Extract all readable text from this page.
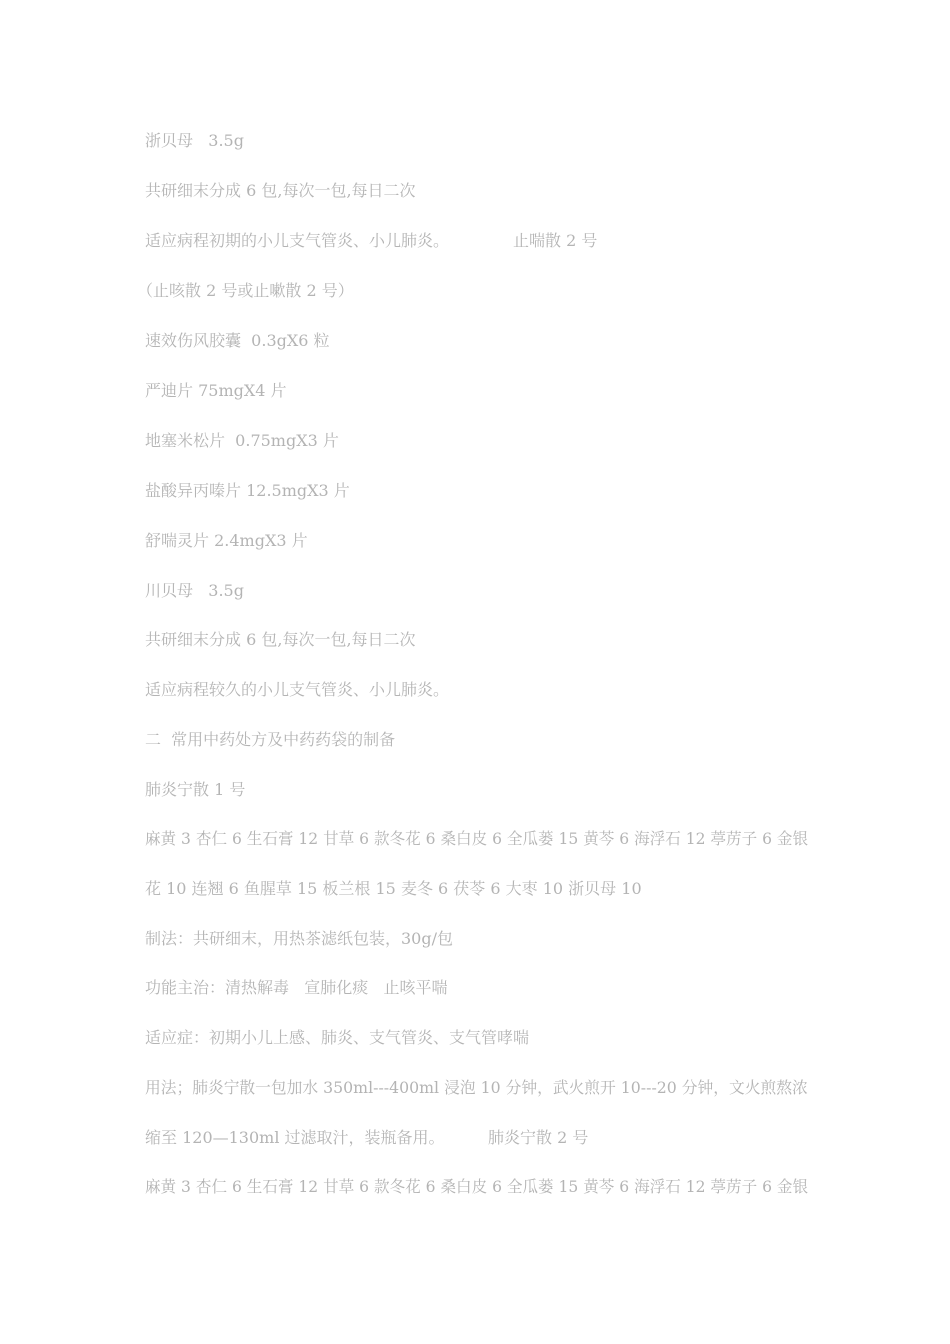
浙贝母   3.5g
共研细末分成 6 包,每次一包,每日二次
适应病程初期的小儿支气管炎、小儿肺炎。	止喘散 2 号
（止咳散 2 号或止嗽散 2 号）
速效伤风胶囊  0.3gX6 粒
严迪片 75mgX4 片
地塞米松片  0.75mgX3 片
盐酸异丙嗪片 12.5mgX3 片
舒喘灵片 2.4mgX3 片
川贝母   3.5g
共研细末分成 6 包,每次一包,每日二次
适应病程较久的小儿支气管炎、小儿肺炎。
二  常用中药处方及中药药袋的制备
肺炎宁散 1 号
麻黄 3 杏仁 6 生石膏 12 甘草 6 款冬花 6 桑白皮 6 全瓜蒌 15 黄芩 6 海浮石 12 葶苈子 6 金银
花 10 连翘 6 鱼腥草 15 板兰根 15 麦冬 6 茯苓 6 大枣 10 浙贝母 10
制法：共研细末，用热茶滤纸包装，30g/包
功能主治：清热解毒   宣肺化痰   止咳平喘
适应症：初期小儿上感、肺炎、支气管炎、支气管哮喘
用法；肺炎宁散一包加水 350ml---400ml 浸泡 10 分钟，武火煎开 10---20 分钟，文火煎熬浓
缩至 120—130ml 过滤取汁，装瓶备用。	肺炎宁散 2 号
麻黄 3 杏仁 6 生石膏 12 甘草 6 款冬花 6 桑白皮 6 全瓜蒌 15 黄芩 6 海浮石 12 葶苈子 6 金银
